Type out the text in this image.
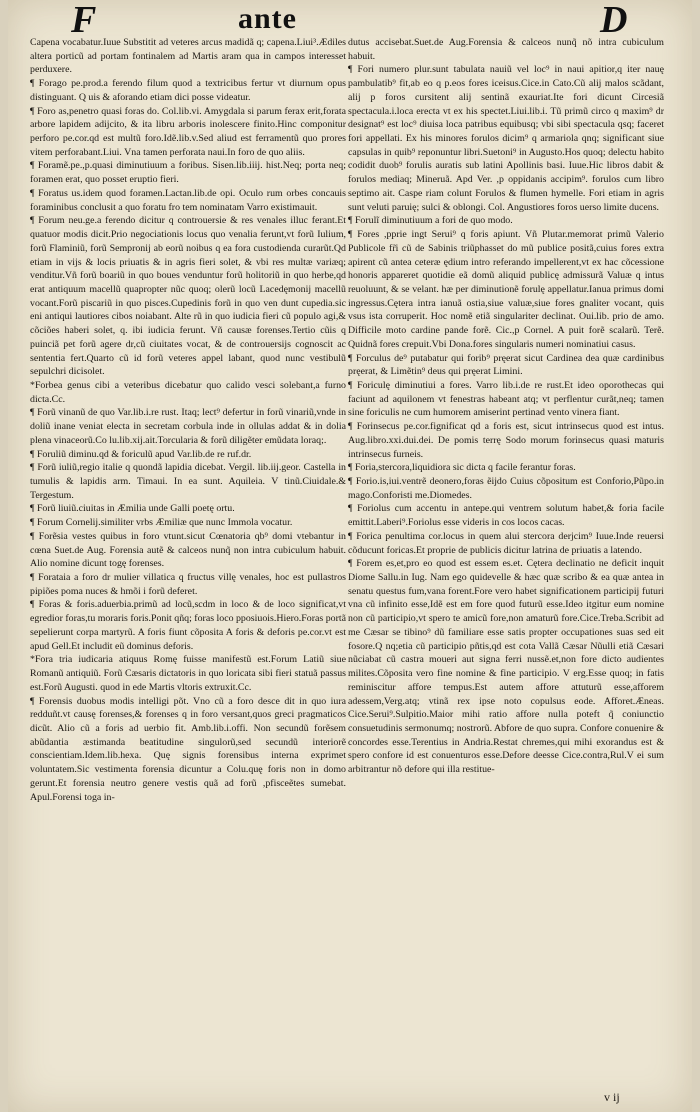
F	ante	D

Capena vocabatur.Iuue Substitit ad veteres arcus madidã q; capena.Liui³.Ædiles altera porticũ ad portam fontinalem ad Martis aram qua in campos interesset perduxere.

¶ Forago pe.prod.a ferendo filum quod a textricibus fertur vt diurnum opus distinguant. Q uis & aforando etiam dici posse videatur.

¶ Foro as,penetro quasi foras do. Col.lib.vi. Amygdala si parum ferax erit,forata arbore lapidem adijcito, & ita libru arboris inolescere finito.Hinc componitur perforo pe.cor.qd est multũ foro.Idẽ.lib.v.Sed aliud est ferramentũ quo prores vitem perforabant.Liui. Vna tamen perforata naui.In foro de quo aliis.

¶ Foramẽ.pe.,p.quasi diminutiuum a foribus. Sisen.lib.iiij. hist.Neq; porta neq; foramen erat, quo posset eruptio fieri.

¶ Foratus us.idem quod foramen.Lactan.lib.de opi. Oculo rum orbes concauis foraminibus conclusit a quo foratu fro tem nominatam Varro existimauit.

¶ Forum neu.ge.a ferendo dicitur q controuersie & res venales illuc ferant.Et quatuor modis dicit.Prio negociationis locus quo venalia ferunt,vt forũ Iulium, forũ Flaminiũ, forũ Sempronij ab eorũ noibus q ea fora custodienda curarũt.Qd etiam in vijs & locis priuatis & in agris fieri solet, & vbi res multæ variæq; venditur.Vñ forũ boariũ in quo boues venduntur forũ holitoriũ in quo herbe,qd erat antiquum macellũ quapropter nũc quoq; olerũ locũ Lacedęmonij macellũ vocant.Forũ piscariũ in quo pisces.Cupedinis forũ in quo ven dunt cupedia.sic eni antiqui lautiores cibos noiabant. Alte rũ in quo iudicia fieri cũ populo agi,& cõciões haberi solet, q. ibi iudicia ferunt. Vñ causæ forenses.Tertio cũis q puinciã pet forũ agere dr,cũ ciuitates vocat, & de controuersijs cognoscit ac sententia fert.Quarto cũ id forũ veteres appel labant, quod nunc vestibulũ sepulchri dicisolet.

*Forbea genus cibi a veteribus dicebatur quo calido vesci solebant,a furno dicta.Cc.

¶ Forũ vinanũ de quo Var.lib.i.re rust. Itaq; lect⁹ defertur in forũ vinariũ,vnde in doliũ inane veniat electa in secretam corbula inde in ollulas addat & in dolia plena vinaceorũ.Co lu.lib.xij.ait.Torcularia & forũ diligẽter emũdata loraq;.

¶ Foruliũ diminu.qd & foriculũ apud Var.lib.de re ruf.dr.

¶ Forũ iuliũ,regio italie q quondã lapidia dicebat. Vergil. lib.iij.geor. Castella in tumulis & lapidis arm. Timaui. In ea sunt. Aquileia. V tinũ.Ciuidale.& Tergestum.

¶ Forũ liuiũ.ciuitas in Æmilia unde Galli poetę ortu.

¶ Forum Cornelij.similiter vrbs Æmiliæ que nunc Immola vocatur.

¶ Forẽsia vestes quibus in foro vtunt.sicut Cœnatoria qb⁹ domi vtebantur in cœna Suet.de Aug. Forensia autẽ & calceos nunq̃ non intra cubiculum habuit. Alio nomine dicunt togę forenses.

¶ Forataia a foro dr mulier villatica q fructus villę venales, hoc est pullastros pipiões poma nuces & hmõi i forũ deferet.

¶ Foras & foris.aduerbia.primũ ad locũ,scdm in loco & de loco significat,vt egredior foras,tu moraris foris.Ponit qñq; foras loco pposiuois.Hiero.Foras portã sepelierunt corpa martyrũ. A foris fiunt cõposita A foris & deforis pe.cor.vt est apud Gell.Et includit eũ dominus deforis.

*Fora tria iudicaria atiquus Romę fuisse manifestũ est.Forum Latiũ siue Romanũ antiquiũ. Forũ Cæsaris dictatoris in quo loricata sibi fieri statuã passus est.Forũ Augusti. quod in ede Martis vltoris extruxit.Cc.

¶ Forensis duobus modis intelligi põt. Vno cũ a foro desce dit in quo iura redduñt.vt causę forenses,& forenses q in foro versant,quos greci pragmaticos dicũt. Alio cũ a foris ad uerbio fit. Amb.lib.i.offi. Non secundũ forẽsem abũdantia æstimanda beatitudine singulorũ,sed secundũ interiorẽ conscientiam.Idem.lib.hexa. Quę signis forensibus interna exprimet voluntatem.Sic vestimenta forensia dicuntur a Colu.quę foris non in domo gerunt.Et forensia neutro genere vestis quã ad forũ ,pfisceẽtes sumebat. Apul.Forensi toga in-

dutus accisebat.Suet.de Aug.Forensia & calceos nunq̃ nõ intra cubiculum habuit.

¶ Fori numero plur.sunt tabulata nauiũ vel loc⁹ in naui apitior,q iter nauę pambulatib⁹ fit,ab eo q p.eos fores iceisus.Cice.in Cato.Cũ alij malos scãdant, alij p foros cursitent alij sentinã exauriat.Ite fori dicunt Circesiã spectacula.i.loca erecta vt ex his spectet.Liui.lib.i. Tũ primũ circo q maxim⁹ dr designat⁹ est loc⁹ diuisa loca patribus equibusq; vbi sibi spectacula qsq; faceret fori appellati. Ex his minores forulos dicim⁹ q armariola qnq; significant siue capsulas in quib⁹ reponuntur libri.Suetoni⁹ in Augusto.Hos quoq; delectu habito codidit duob⁹ forulis auratis sub latini Apollinis basi. Iuue.Hic libros dabit & forulos mediaq; Mineruã. Apd Ver. ,p oppidanis accipim⁹. forulos cum libro septimo ait. Caspe riam colunt Forulos & flumen hymelle. Fori etiam in agris sunt veluti paruię; sulci & oblongi. Col. Angustiores foros uerso limite ducens.

¶ Forulĩ diminutiuum a fori de quo modo.

¶ Fores ,pprie ingt Serui⁹ q foris apiunt. Vñ Plutar.memorat primũ Valerio Publicole fr̃i cũ de Sabinis triũphasset do mũ publice positã,cuius fores extra apirent cũ antea ceteræ ędium intro referando impellerent,vt ex hac cõcessione honoris appareret quotidie eã domũ aliquid publicę admissurã Valuæ q intus reuoluunt, & se velant. hæ per diminutionẽ forulę appellatur.Ianua primus domi ingressus.Cętera intra ianuã ostia,siue valuæ,siue fores gnaliter vocant, quis vsus ista corruperit. Hoc nomẽ etiã singulariter declinat. Oui.lib. prio de amo. Difficile moto cardine pande forẽ. Cic.,p Cornel. A puit forẽ scalarũ. Terẽ. Quidnã fores crepuit.Vbi Dona.fores singularis numeri nominatiui casus.

¶ Forculus de⁹ putabatur qui forib⁹ pręerat sicut Cardinea dea quæ cardinibus pręerat, & Limẽtin⁹ deus qui pręerat Limini.

¶ Foriculę diminutiui a fores. Varro lib.i.de re rust.Et ideo oporothecas qui faciunt ad aquilonem vt fenestras habeant atq; vt perflentur curãt,neq; tamen sine foriculis ne cum humorem amiserint pertinad vento vinera fiant.

¶ Forinsecus pe.cor.fignificat qd a foris est, sicut intrinsecus quod est intus. Aug.libro.xxi.dui.dei. De pomis terrę Sodo morum forinsecus quasi maturis intrinsecus furneis.

¶ Foria,stercora,liquidiora sic dicta q facile ferantur foras.

¶ Forio.is,iui.ventrẽ deonero,foras ẽijdo Cuius cõpositum est Conforio,Pũpo.in mago.Conforisti me.Diomedes.

¶ Foriolus cum accentu in antepe.qui ventrem solutum habet,& foria facile emittit.Laberi⁹.Foriolus esse videris in cos locos cacas.

¶ Forica penultima cor.locus in quem alui stercora derjcim⁹ Iuue.Inde reuersi cõducunt foricas.Et proprie de publicis dicitur latrina de priuatis a latendo.

¶ Forem es,et,pro eo quod est essem es.et. Cętera declinatio ne deficit inquit Diome Sallu.in Iug. Nam ego quidevelle & hæc quæ scribo & ea quæ antea in senatu questus fum,vana forent.Fore vero habet significationem participij futuri vna cũ infinito esse,Idẽ est em fore quod futurũ esse.Ideo itgitur eum nomine non cũ participio,vt spero te amicũ fore,non amaturũ fore.Cice.Treba.Scribit ad me Cæsar se tibino⁹ dũ familiare esse satis propter occupationes suas sed eit fosore.Q nq;etia cũ participio pñtis,qd est cota Vallã Cæsar Nũulli etiã Cæsari nũciabat cũ castra moueri aut signa ferri nussẽ.et,non fore dicto audientes milites.Cõposita vero fine nomine & fine participio. V erg.Esse quoq; in fatis reminiscitur affore tempus.Est autem affore attuturũ esse,afforem adessem,Verg.atq; vtinã rex ipse noto copulsus eode. Afforet.Æneas. Cice.Serui⁹.Sulpitio.Maior mihi ratio affore nulla poteft q̃ coniunctio consuetudinis sermonumq; nostrorũ. Abfore de quo supra. Confore conuenire & concordes esse.Terentius in Andria.Restat chremes,qui mihi exorandus est & spero confore id est conuenturos esse.Defore deesse Cice.contra,Rul.V ei sum arbitrantur nõ defore qui illa restitue-

v ij
